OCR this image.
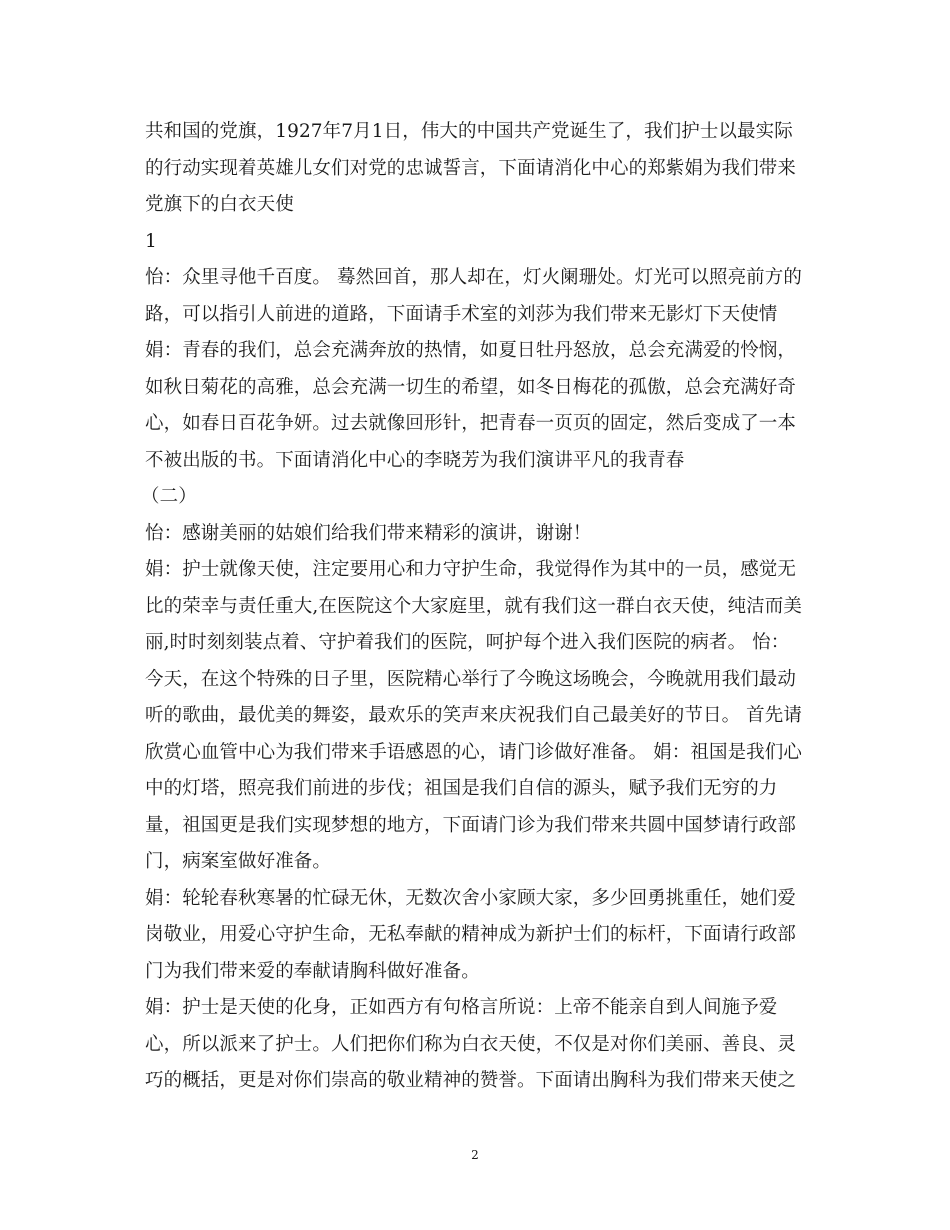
共和国的党旗，1927年7月1日，伟大的中国共产党诞生了，我们护士以最实际
的行动实现着英雄儿女们对党的忠诚誓言，下面请消化中心的郑紫娟为我们带来
党旗下的白衣天使
1
怡：众里寻他千百度。 蓦然回首，那人却在，灯火阑珊处。灯光可以照亮前方的
路，可以指引人前进的道路，下面请手术室的刘莎为我们带来无影灯下天使情
娟：青春的我们，总会充满奔放的热情，如夏日牡丹怒放，总会充满爱的怜悯，
如秋日菊花的高雅，总会充满一切生的希望，如冬日梅花的孤傲，总会充满好奇
心，如春日百花争妍。过去就像回形针，把青春一页页的固定，然后变成了一本
不被出版的书。下面请消化中心的李晓芳为我们演讲平凡的我青春
（二）
怡：感谢美丽的姑娘们给我们带来精彩的演讲，谢谢！
娟：护士就像天使，注定要用心和力守护生命，我觉得作为其中的一员，感觉无
比的荣幸与责任重大,在医院这个大家庭里，就有我们这一群白衣天使，纯洁而美
丽,时时刻刻装点着、守护着我们的医院，呵护每个进入我们医院的病者。 怡：
今天，在这个特殊的日子里，医院精心举行了今晚这场晚会，今晚就用我们最动
听的歌曲，最优美的舞姿，最欢乐的笑声来庆祝我们自己最美好的节日。 首先请
欣赏心血管中心为我们带来手语感恩的心，请门诊做好准备。 娟：祖国是我们心
中的灯塔，照亮我们前进的步伐；祖国是我们自信的源头，赋予我们无穷的力
量，祖国更是我们实现梦想的地方，下面请门诊为我们带来共圆中国梦请行政部
门，病案室做好准备。
娟：轮轮春秋寒暑的忙碌无休，无数次舍小家顾大家，多少回勇挑重任，她们爱
岗敬业，用爱心守护生命，无私奉献的精神成为新护士们的标杆，下面请行政部
门为我们带来爱的奉献请胸科做好准备。
娟：护士是天使的化身，正如西方有句格言所说：上帝不能亲自到人间施予爱
心，所以派来了护士。人们把你们称为白衣天使，不仅是对你们美丽、善良、灵
巧的概括，更是对你们崇高的敬业精神的赞誉。下面请出胸科为我们带来天使之
2
